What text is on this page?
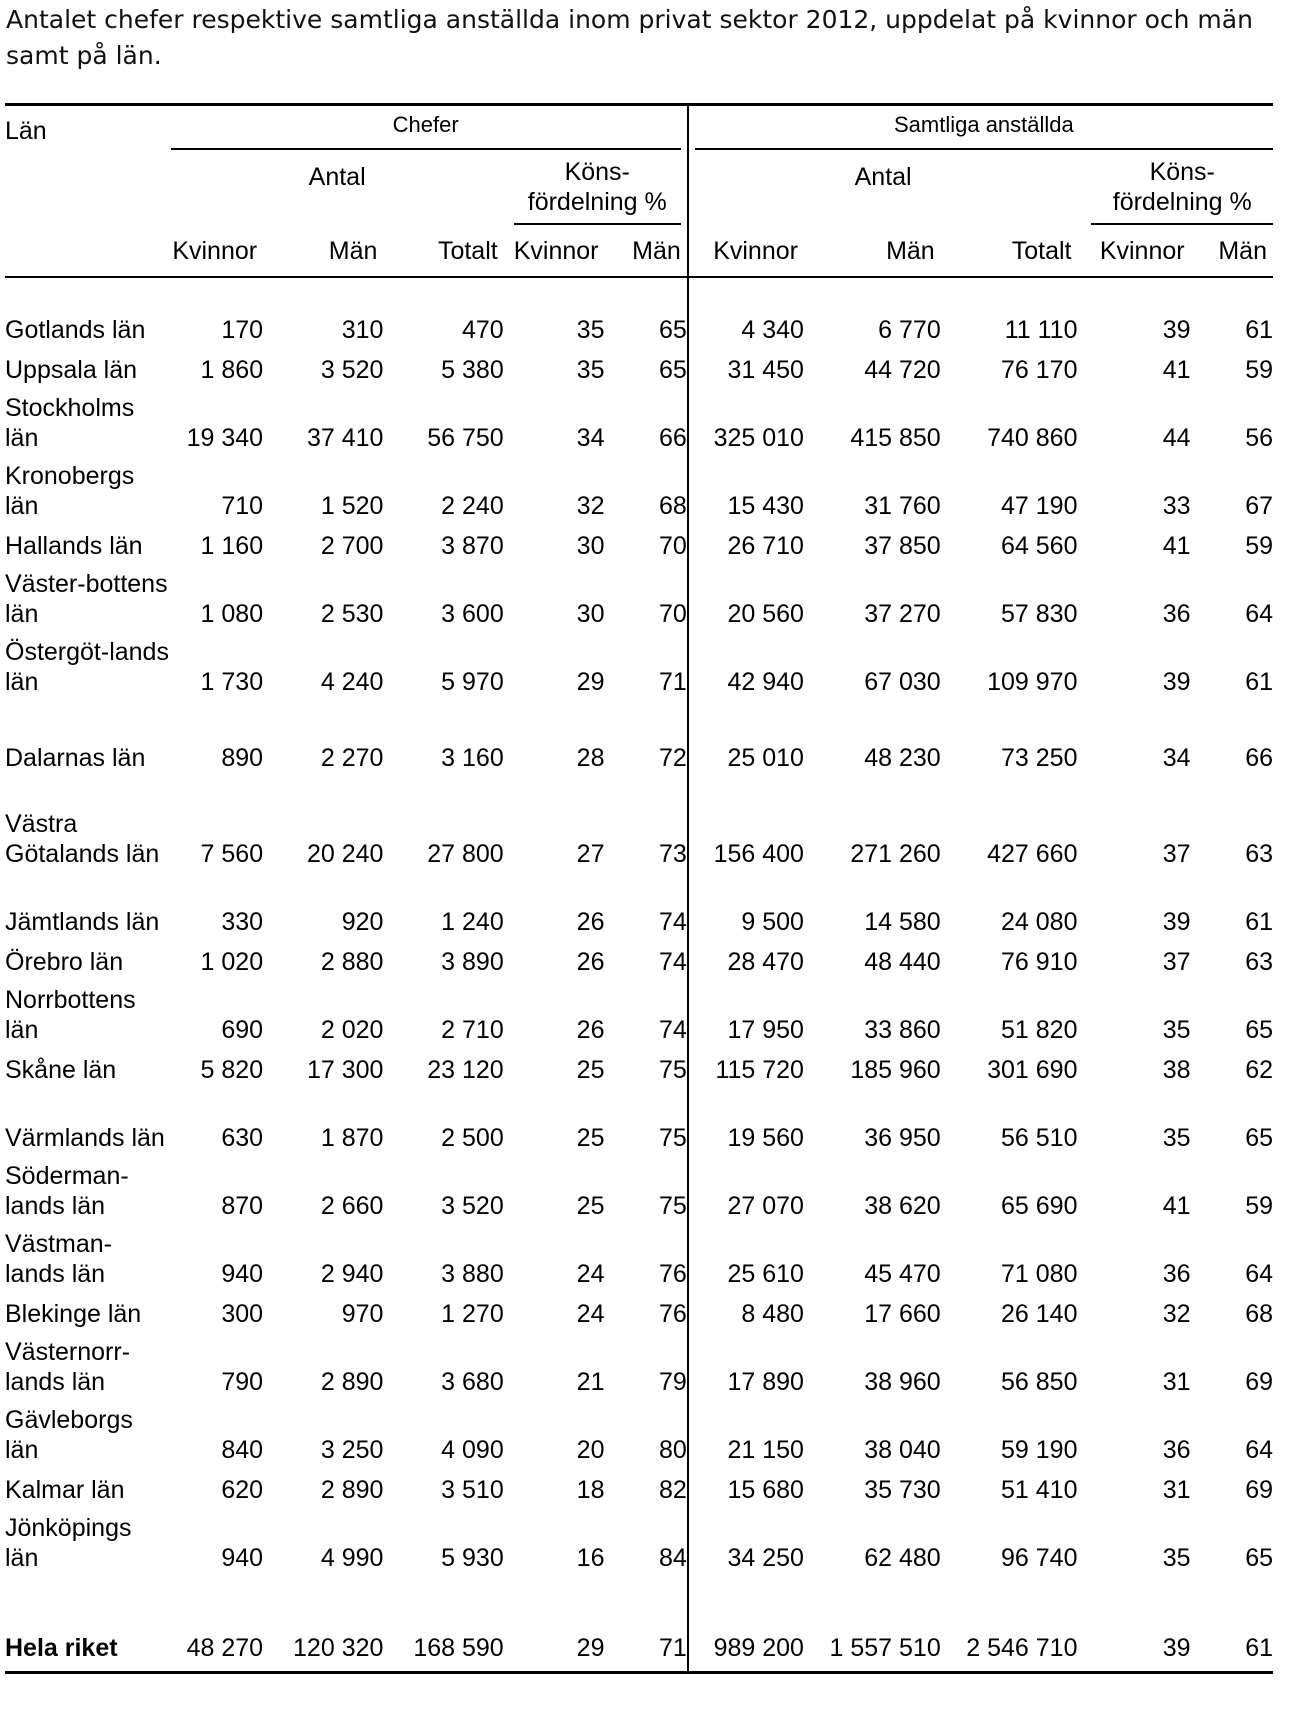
Antalet chefer respektive samtliga anställda inom privat sektor 2012, uppdelat på kvinnor och män samt på län.
Län	Chefer					Samtliga anställda				

	Antal			Köns-
fördelning %		Antal			Köns-
fördelning %	

	Kvinnor	Män	Totalt	Kvinnor	Män	Kvinnor	Män	Totalt	Kvinnor	Män
Gotlands län	170	310	470	35	65	4 340	6 770	11 110	39	61
Uppsala län	1 860	3 520	5 380	35	65	31 450	44 720	76 170	41	59
Stockholms län	19 340	37 410	56 750	34	66	325 010	415 850	740 860	44	56
Kronobergs län	710	1 520	2 240	32	68	15 430	31 760	47 190	33	67
Hallands län	1 160	2 700	3 870	30	70	26 710	37 850	64 560	41	59
Väster-bottens län	1 080	2 530	3 600	30	70	20 560	37 270	57 830	36	64
Östergöt-lands län	1 730	4 240	5 970	29	71	42 940	67 030	109 970	39	61
Dalarnas län	890	2 270	3 160	28	72	25 010	48 230	73 250	34	66
Västra Götalands län	7 560	20 240	27 800	27	73	156 400	271 260	427 660	37	63
Jämtlands län	330	920	1 240	26	74	9 500	14 580	24 080	39	61
Örebro län	1 020	2 880	3 890	26	74	28 470	48 440	76 910	37	63
Norrbottens län	690	2 020	2 710	26	74	17 950	33 860	51 820	35	65
Skåne län	5 820	17 300	23 120	25	75	115 720	185 960	301 690	38	62
Värmlands län	630	1 870	2 500	25	75	19 560	36 950	56 510	35	65
Söderman-lands län	870	2 660	3 520	25	75	27 070	38 620	65 690	41	59
Västman-lands län	940	2 940	3 880	24	76	25 610	45 470	71 080	36	64
Blekinge län	300	970	1 270	24	76	8 480	17 660	26 140	32	68
Västernorr-lands län	790	2 890	3 680	21	79	17 890	38 960	56 850	31	69
Gävleborgs län	840	3 250	4 090	20	80	21 150	38 040	59 190	36	64
Kalmar län	620	2 890	3 510	18	82	15 680	35 730	51 410	31	69
Jönköpings län	940	4 990	5 930	16	84	34 250	62 480	96 740	35	65
Hela riket	48 270	120 320	168 590	29	71	989 200	1 557 510	2 546 710	39	61
